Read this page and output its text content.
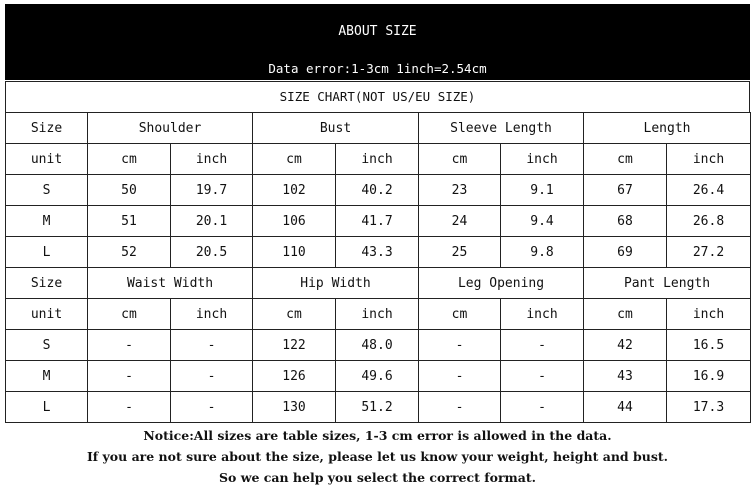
ABOUT SIZE
Data error:1-3cm 1inch=2.54cm
SIZE CHART(NOT US/EU SIZE)
Size	Shoulder		Bust		Sleeve Length		Length	
unit	cm	inch	cm	inch	cm	inch	cm	inch
S	50	19.7	102	40.2	23	9.1	67	26.4
M	51	20.1	106	41.7	24	9.4	68	26.8
L	52	20.5	110	43.3	25	9.8	69	27.2
Size	Waist Width		Hip Width		Leg Opening		Pant Length	
unit	cm	inch	cm	inch	cm	inch	cm	inch
S	-	-	122	48.0	-	-	42	16.5
M	-	-	126	49.6	-	-	43	16.9
L	-	-	130	51.2	-	-	44	17.3
Notice:All sizes are table sizes, 1-3 cm error is allowed in the data.
If you are not sure about the size, please let us know your weight, height and bust.
So we can help you select the correct format.
